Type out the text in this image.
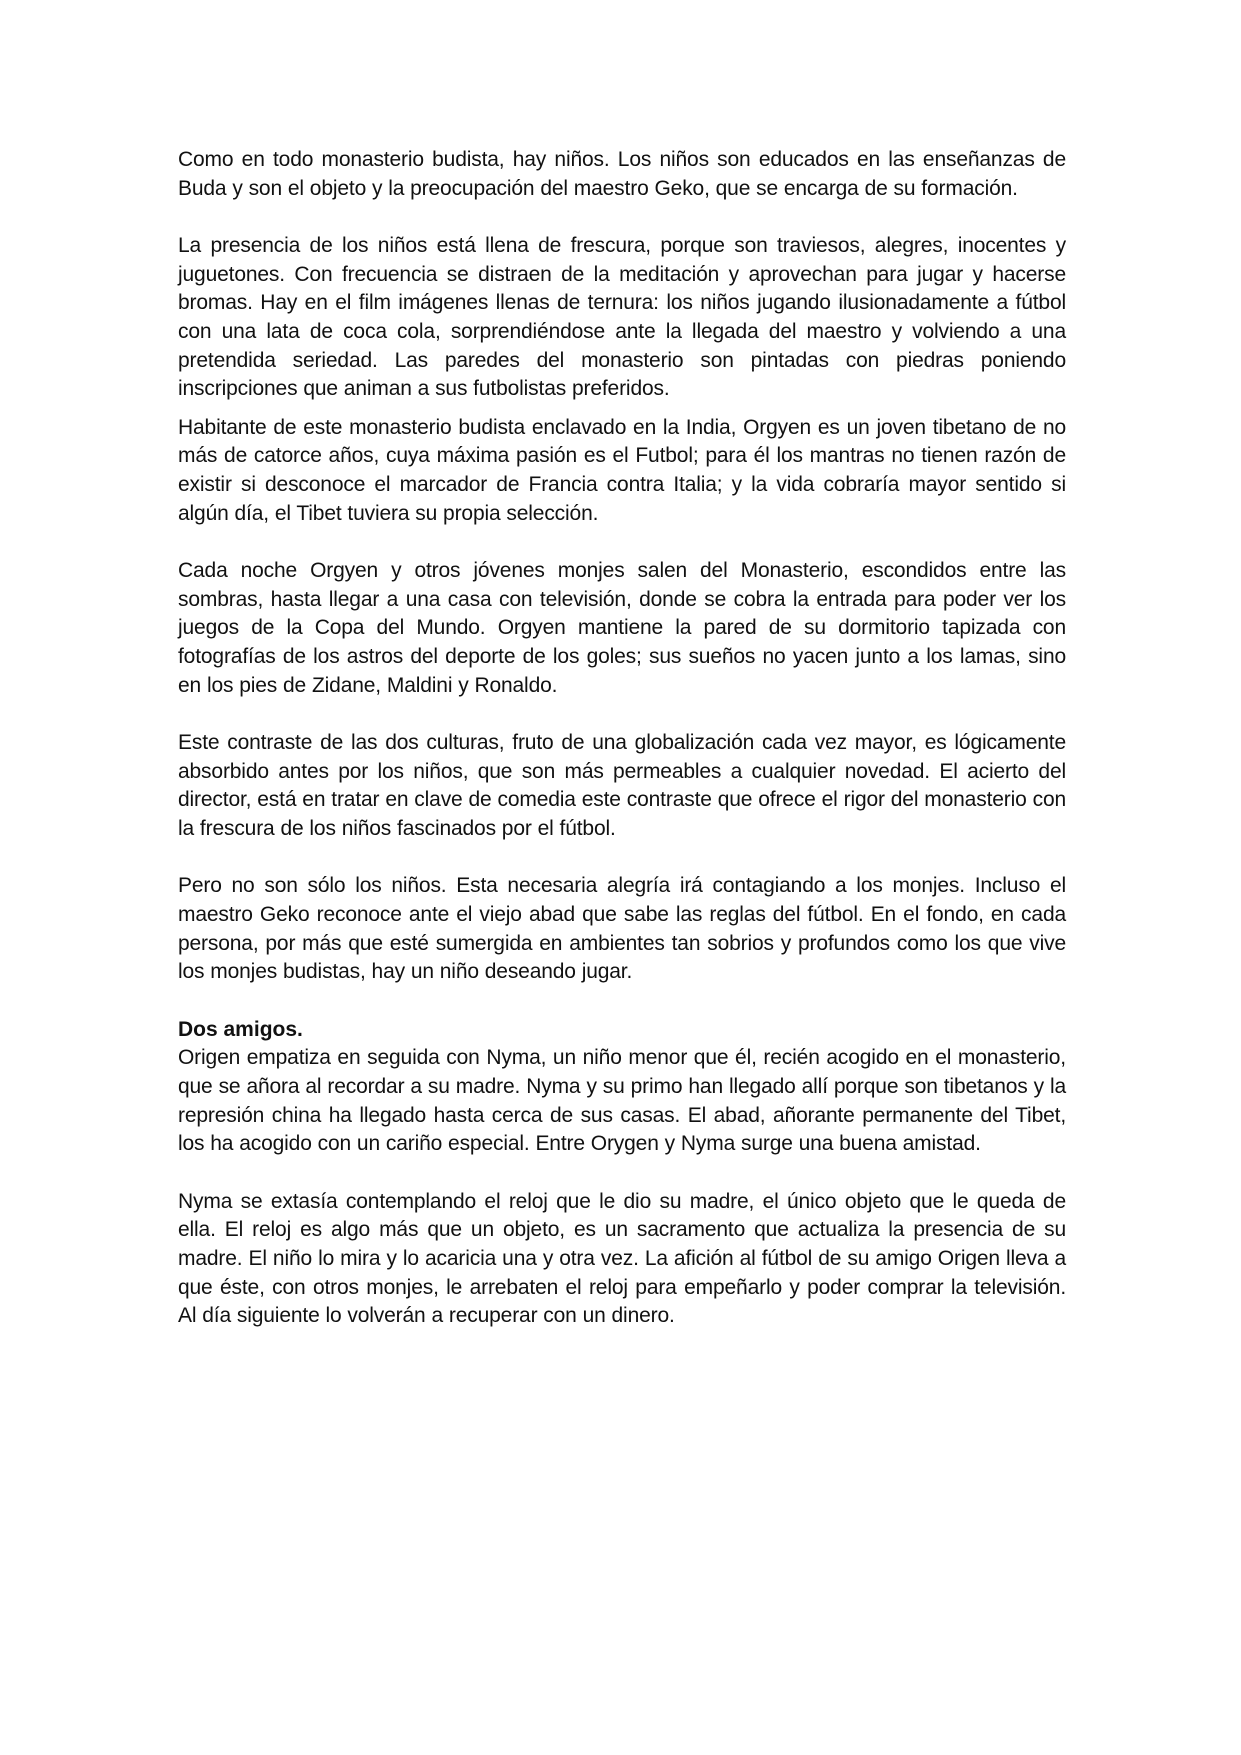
Como en todo monasterio budista, hay niños. Los niños son educados en las enseñanzas de Buda y son el objeto y la preocupación del maestro Geko, que se encarga de su formación.

La presencia de los niños está llena de frescura, porque son traviesos, alegres, inocentes y juguetones. Con frecuencia se distraen de la meditación y aprovechan para jugar y hacerse bromas. Hay en el film imágenes llenas de ternura: los niños jugando ilusionadamente a fútbol con una lata de coca cola, sorprendiéndose ante la llegada del maestro y volviendo a una pretendida seriedad. Las paredes del monasterio son pintadas con piedras poniendo inscripciones que animan a sus futbolistas preferidos.

Habitante de este monasterio budista enclavado en la India, Orgyen es un joven tibetano de no más de catorce años, cuya máxima pasión es el Futbol; para él los mantras no tienen razón de existir si desconoce el marcador de Francia contra Italia; y la vida cobraría mayor sentido si algún día, el Tibet tuviera su propia selección.

Cada noche Orgyen y otros jóvenes monjes salen del Monasterio, escondidos entre las sombras, hasta llegar a una casa con televisión, donde se cobra la entrada para poder ver los juegos de la Copa del Mundo. Orgyen mantiene la pared de su dormitorio tapizada con fotografías de los astros del deporte de los goles; sus sueños no yacen junto a los lamas, sino en los pies de Zidane, Maldini y Ronaldo.

Este contraste de las dos culturas, fruto de una globalización cada vez mayor, es lógicamente absorbido antes por los niños, que son más permeables a cualquier novedad. El acierto del director, está en tratar en clave de comedia este contraste que ofrece el rigor del monasterio con la frescura de los niños fascinados por el fútbol.

Pero no son sólo los niños. Esta necesaria alegría irá contagiando a los monjes. Incluso el maestro Geko reconoce ante el viejo abad que sabe las reglas del fútbol. En el fondo, en cada persona, por más que esté sumergida en ambientes tan sobrios y profundos como los que vive los monjes budistas, hay un niño deseando jugar.

Dos amigos.

Origen empatiza en seguida con Nyma, un niño menor que él, recién acogido en el monasterio, que se añora al recordar a su madre. Nyma y su primo han llegado allí porque son tibetanos y la represión china ha llegado hasta cerca de sus casas. El abad, añorante permanente del Tibet, los ha acogido con un cariño especial. Entre Orygen y Nyma surge una buena amistad.

Nyma se extasía contemplando el reloj que le dio su madre, el único objeto que le queda de ella. El reloj es algo más que un objeto, es un sacramento que actualiza la presencia de su madre. El niño lo mira y lo acaricia una y otra vez. La afición al fútbol de su amigo Origen lleva a que éste, con otros monjes, le arrebaten el reloj para empeñarlo y poder comprar la televisión. Al día siguiente lo volverán a recuperar con un dinero.
